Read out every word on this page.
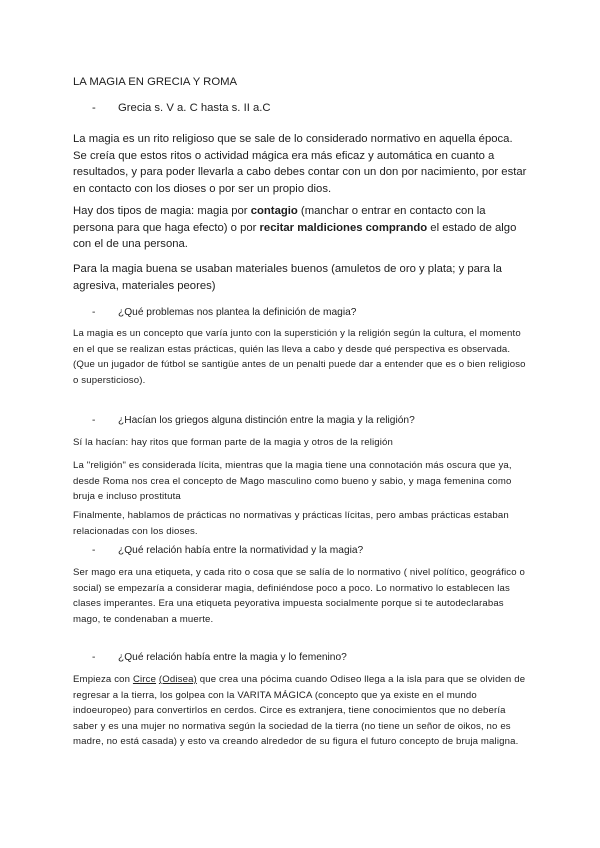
LA MAGIA EN GRECIA Y ROMA
- Grecia s. V a. C hasta s. II a.C
La magia es un rito religioso que se sale de lo considerado normativo en aquella época. Se creía que estos ritos o actividad mágica era más eficaz y automática en cuanto a resultados, y para poder llevarla a cabo debes contar con un don por nacimiento, por estar en contacto con los dioses o por ser un propio dios.
Hay dos tipos de magia: magia por contagio (manchar o entrar en contacto con la persona para que haga efecto) o por recitar maldiciones comprando el estado de algo con el de una persona.
Para la magia buena se usaban materiales buenos (amuletos de oro y plata; y para la agresiva, materiales peores)
- ¿Qué problemas nos plantea la definición de magia?
La magia es un concepto que varía junto con la superstición y la religión según la cultura, el momento en el que se realizan estas prácticas, quién las lleva a cabo y desde qué perspectiva es observada. (Que un jugador de fútbol se santigüe antes de un penalti puede dar a entender que es o bien religioso o supersticioso).
- ¿Hacían los griegos alguna distinción entre la magia y la religión?
Sí la hacían: hay ritos que forman parte de la magia y otros de la religión
La "religión" es considerada lícita, mientras que la magia tiene una connotación más oscura que ya, desde Roma nos crea el concepto de Mago masculino como bueno y sabio, y maga femenina como bruja e incluso prostituta
Finalmente, hablamos de prácticas no normativas y prácticas lícitas, pero ambas prácticas estaban relacionadas con los dioses.
- ¿Qué relación había entre la normatividad y la magia?
Ser mago era una etiqueta, y cada rito o cosa que se salía de lo normativo ( nivel político, geográfico o social) se empezaría a considerar magia, definiéndose poco a poco. Lo normativo lo establecen las clases imperantes. Era una etiqueta peyorativa impuesta socialmente porque si te autodeclarabas mago, te condenaban a muerte.
- ¿Qué relación había entre la magia y lo femenino?
Empieza con Circe (Odisea) que crea una pócima cuando Odiseo llega a la isla para que se olviden de regresar a la tierra, los golpea con la VARITA MÁGICA (concepto que ya existe en el mundo indoeuropeo) para convertirlos en cerdos. Circe es extranjera, tiene conocimientos que no debería saber y es una mujer no normativa según la sociedad de la tierra (no tiene un señor de oikos, no es madre, no está casada) y esto va creando alrededor de su figura el futuro concepto de bruja maligna.
